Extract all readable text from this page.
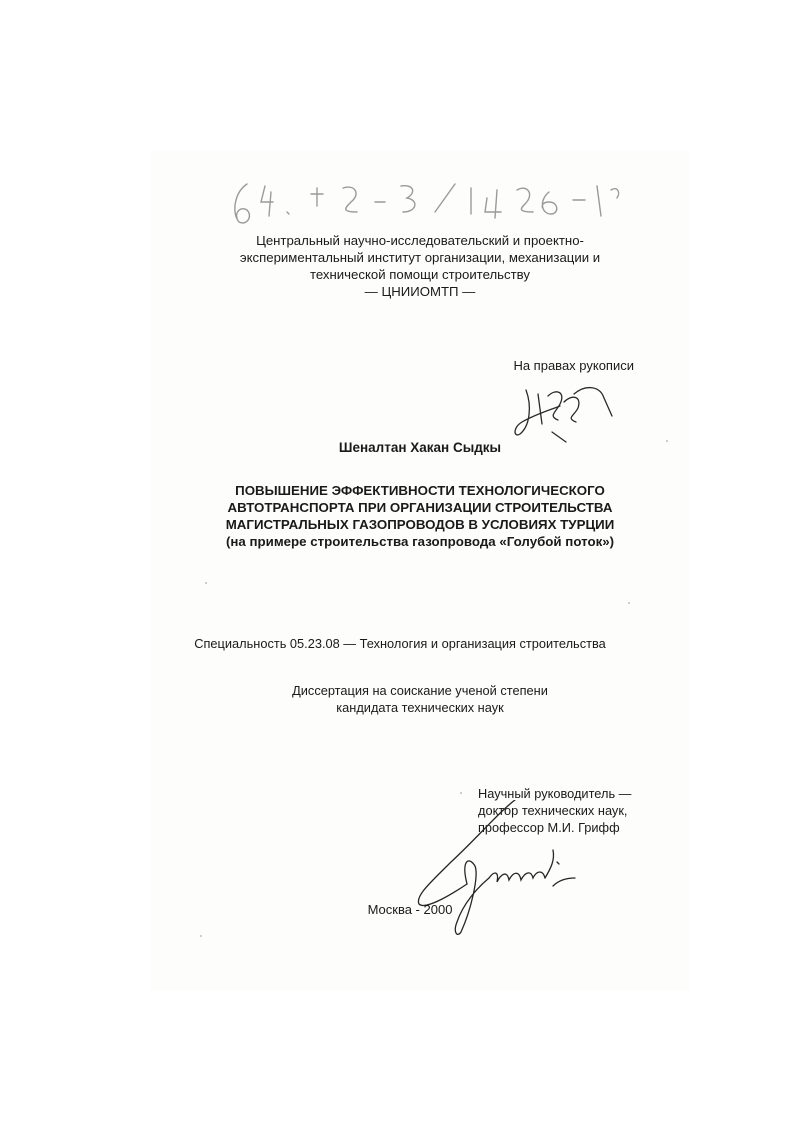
Центральный научно-исследовательский и проектно-
экспериментальный институт организации, механизации и
технической помощи строительству
— ЦНИИОМТП —
На правах рукописи
Шеналтан Хакан Сыдкы
ПОВЫШЕНИЕ ЭФФЕКТИВНОСТИ ТЕХНОЛОГИЧЕСКОГО
АВТОТРАНСПОРТА ПРИ ОРГАНИЗАЦИИ СТРОИТЕЛЬСТВА
МАГИСТРАЛЬНЫХ ГАЗОПРОВОДОВ В УСЛОВИЯХ ТУРЦИИ
(на примере строительства газопровода «Голубой поток»)
Специальность 05.23.08 — Технология и организация строительства
Диссертация на соискание ученой степени
кандидата технических наук
Научный руководитель —
доктор технических наук,
профессор М.И. Грифф
Москва - 2000
